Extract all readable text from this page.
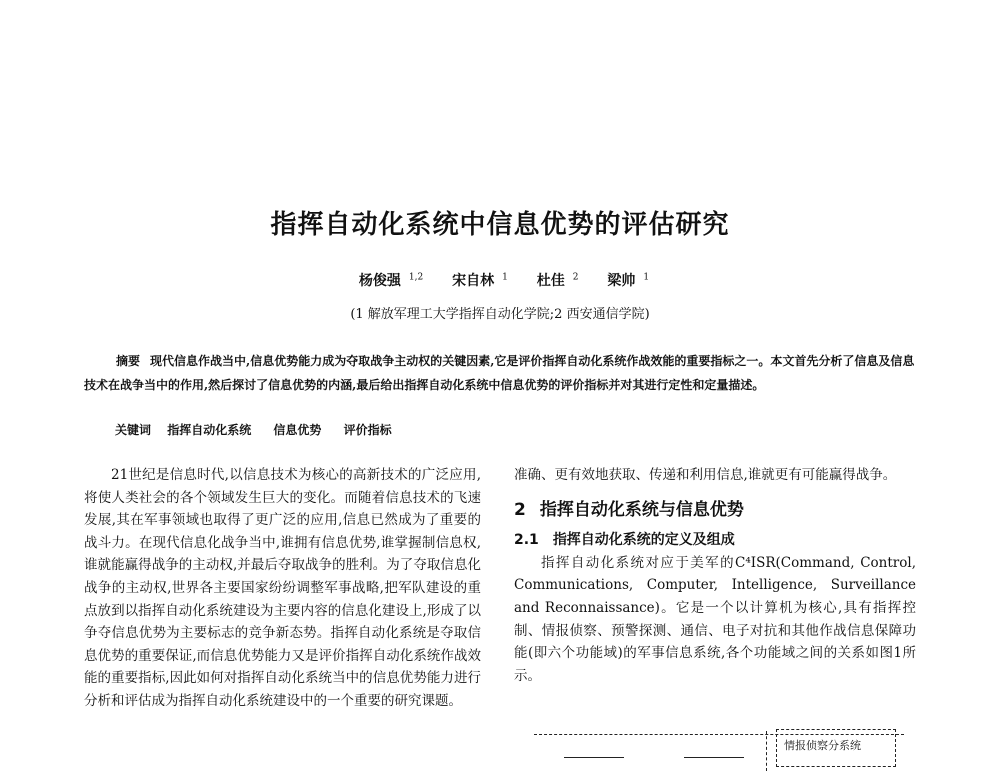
指挥自动化系统中信息优势的评估研究
杨俊强 $^{1,2}$ 宋自林 $^1$ 杜佳 $^2$ 梁帅 $^1$
(1 解放军理工大学指挥自动化学院;2 西安通信学院)
摘要 现代信息作战当中,信息优势能力成为夺取战争主动权的关键因素,它是评价指挥自动化系统作战效能的重要指标之一。本文首先分析了信息及信息技术在战争当中的作用,然后探讨了信息优势的内涵,最后给出指挥自动化系统中信息优势的评价指标并对其进行定性和定量描述。
关键词 指挥自动化系统 信息优势 评价指标

21世纪是信息时代,以信息技术为核心的高新技术的广泛应用,将使人类社会的各个领域发生巨大的变化。而随着信息技术的飞速发展,其在军事领域也取得了更广泛的应用,信息已然成为了重要的战斗力。在现代信息化战争当中,谁拥有信息优势,谁掌握制信息权,谁就能赢得战争的主动权,并最后夺取战争的胜利。为了夺取信息化战争的主动权,世界各主要国家纷纷调整军事战略,把军队建设的重点放到以指挥自动化系统建设为主要内容的信息化建设上,形成了以争夺信息优势为主要标志的竞争新态势。指挥自动化系统是夺取信息优势的重要保证,而信息优势能力又是评价指挥自动化系统作战效能的重要指标,因此如何对指挥自动化系统当中的信息优势能力进行分析和评估成为指挥自动化系统建设中的一个重要的研究课题。

准确、更有效地获取、传递和利用信息,谁就更有可能赢得战争。

2 指挥自动化系统与信息优势
2.1 指挥自动化系统的定义及组成

指挥自动化系统对应于美军的C⁴ISR(Command, Control, Communications, Computer, Intelligence, Surveillance and Reconnaissance)。它是一个以计算机为核心,具有指挥控制、情报侦察、预警探测、通信、电子对抗和其他作战信息保障功能(即六个功能域)的军事信息系统,各个功能域之间的关系如图1所示。

情报侦察分系统
